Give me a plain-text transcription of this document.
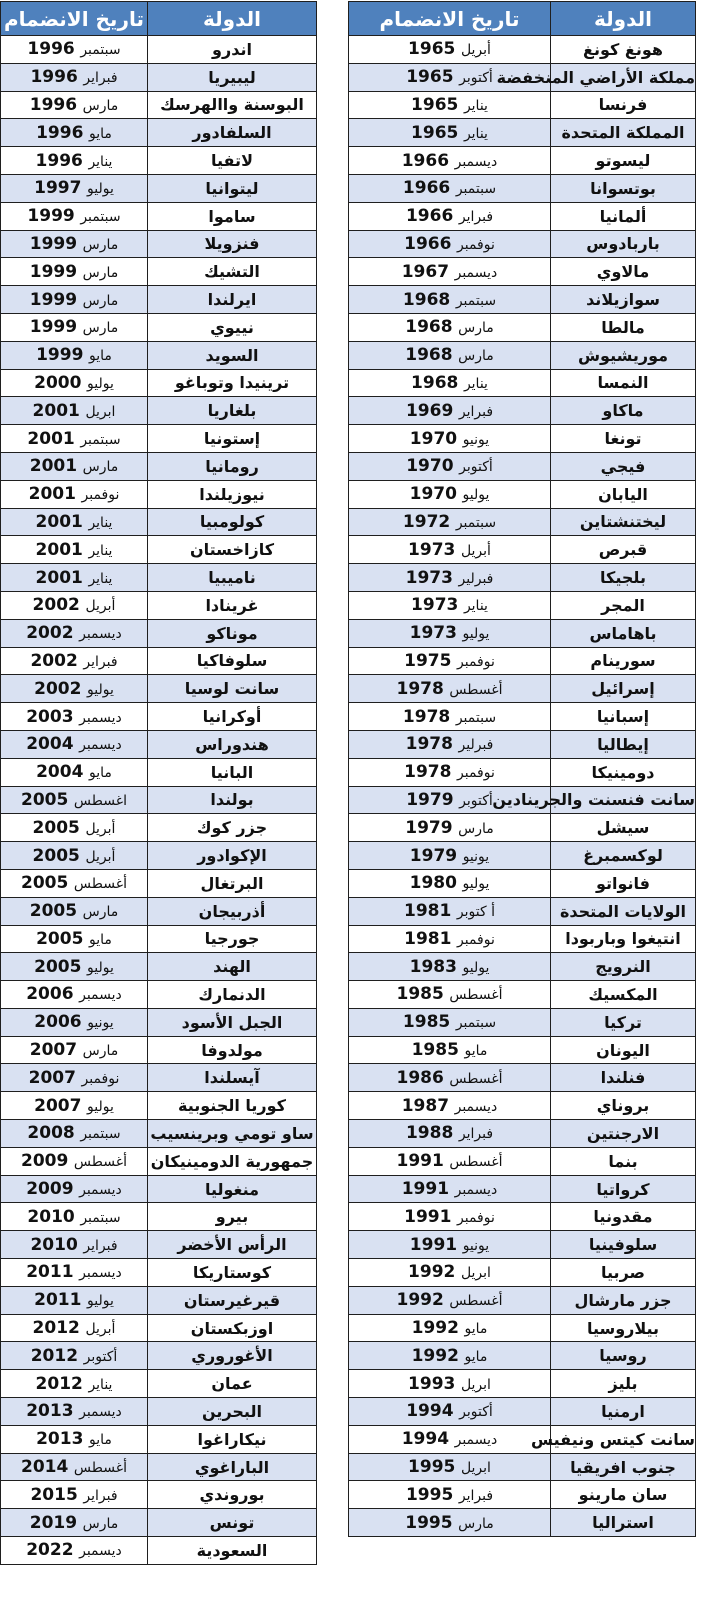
الدولة	تاريخ الانضمام
هونغ كونغ	أبريل 1965
مملكة الأراضي المنخفضة	أكتوبر 1965
فرنسا	يناير 1965
المملكة المتحدة	يناير 1965
ليسوتو	ديسمبر 1966
بوتسوانا	سبتمبر 1966
ألمانيا	فبراير 1966
باربادوس	نوفمبر 1966
مالاوي	ديسمبر 1967
سوازيلاند	سبتمبر 1968
مالطا	مارس 1968
موريشيوش	مارس 1968
النمسا	يناير 1968
ماكاو	فبراير 1969
تونغا	يونيو 1970
فيجي	أكتوبر 1970
اليابان	يوليو 1970
ليختنشتاين	سبتمبر 1972
قبرص	أبريل 1973
بلجيكا	فبرلير 1973
المجر	يناير 1973
باهاماس	يوليو 1973
سورينام	نوفمبر 1975
إسرائيل	أغسطس 1978
إسبانيا	سبتمبر 1978
إيطاليا	فبرلير 1978
دومينيكا	نوفمبر 1978
سانت فنسنت والجرينادين	أكتوبر 1979
سيشل	مارس 1979
لوكسمبرغ	يونيو 1979
فانواتو	يوليو 1980
الولايات المتحدة	أ كتوبر 1981
انتيغوا وباربودا	نوفمبر 1981
النرويج	يوليو 1983
المكسيك	أغسطس 1985
تركيا	سبتمبر 1985
اليونان	مايو 1985
فنلندا	أغسطس 1986
بروناي	ديسمبر 1987
الارجنتين	فبراير 1988
بنما	أغسطس 1991
كرواتيا	ديسمبر 1991
مقدونيا	نوفمبر 1991
سلوفينيا	يونيو 1991
صربيا	ابريل 1992
جزر مارشال	أغسطس 1992
بيلاروسيا	مايو 1992
روسيا	مايو 1992
بليز	ابريل 1993
ارمنيا	أكتوبر 1994
سانت كيتس ونيفيس	ديسمبر 1994
جنوب افريقيا	ابريل 1995
سان مارينو	فبراير 1995
استراليا	مارس 1995
الدولة	تاريخ الانضمام
اندرو	سبتمبر 1996
ليبيريا	فبراير 1996
البوسنة واالهرسك	مارس 1996
السلفادور	مايو 1996
لاتفيا	يناير 1996
ليتوانيا	يوليو 1997
ساموا	سبتمبر 1999
فنزويلا	مارس 1999
التشيك	مارس 1999
ايرلندا	مارس 1999
نييوي	مارس 1999
السويد	مايو 1999
ترينيدا وتوباغو	يوليو 2000
بلغاريا	ابريل 2001
إستونيا	سبتمبر 2001
رومانيا	مارس 2001
نيوزيلندا	نوفمبر 2001
كولومبيا	يناير 2001
كازاخستان	يناير 2001
ناميبيا	يناير 2001
غرينادا	أبريل 2002
موناكو	ديسمبر 2002
سلوفاكيا	فبراير 2002
سانت لوسيا	يوليو 2002
أوكرانيا	ديسمبر 2003
هندوراس	ديسمبر 2004
البانيا	مايو 2004
بولندا	اغسطس 2005
جزر كوك	أبريل 2005
الإكوادور	أبريل 2005
البرتغال	أغسطس 2005
أذربيجان	مارس 2005
جورجيا	مايو 2005
الهند	يوليو 2005
الدنمارك	ديسمبر 2006
الجبل الأسود	يونيو 2006
مولدوفا	مارس 2007
آيسلندا	نوفمبر 2007
كوريا الجنوبية	يوليو 2007
ساو تومي وبرينسيب	سبتمبر 2008
جمهورية الدومينيكان	أغسطس 2009
منغوليا	ديسمبر 2009
بيرو	سبتمبر 2010
الرأس الأخضر	فبراير 2010
كوستاريكا	ديسمبر 2011
قيرغيرستان	يوليو 2011
اوزبكستان	أبريل 2012
الأغوروري	أكتوبر 2012
عمان	يناير 2012
البحرين	ديسمبر 2013
نيكاراغوا	مايو 2013
الباراغوي	أغسطس 2014
بوروندي	فبراير 2015
تونس	مارس 2019
السعودية	ديسمبر 2022
